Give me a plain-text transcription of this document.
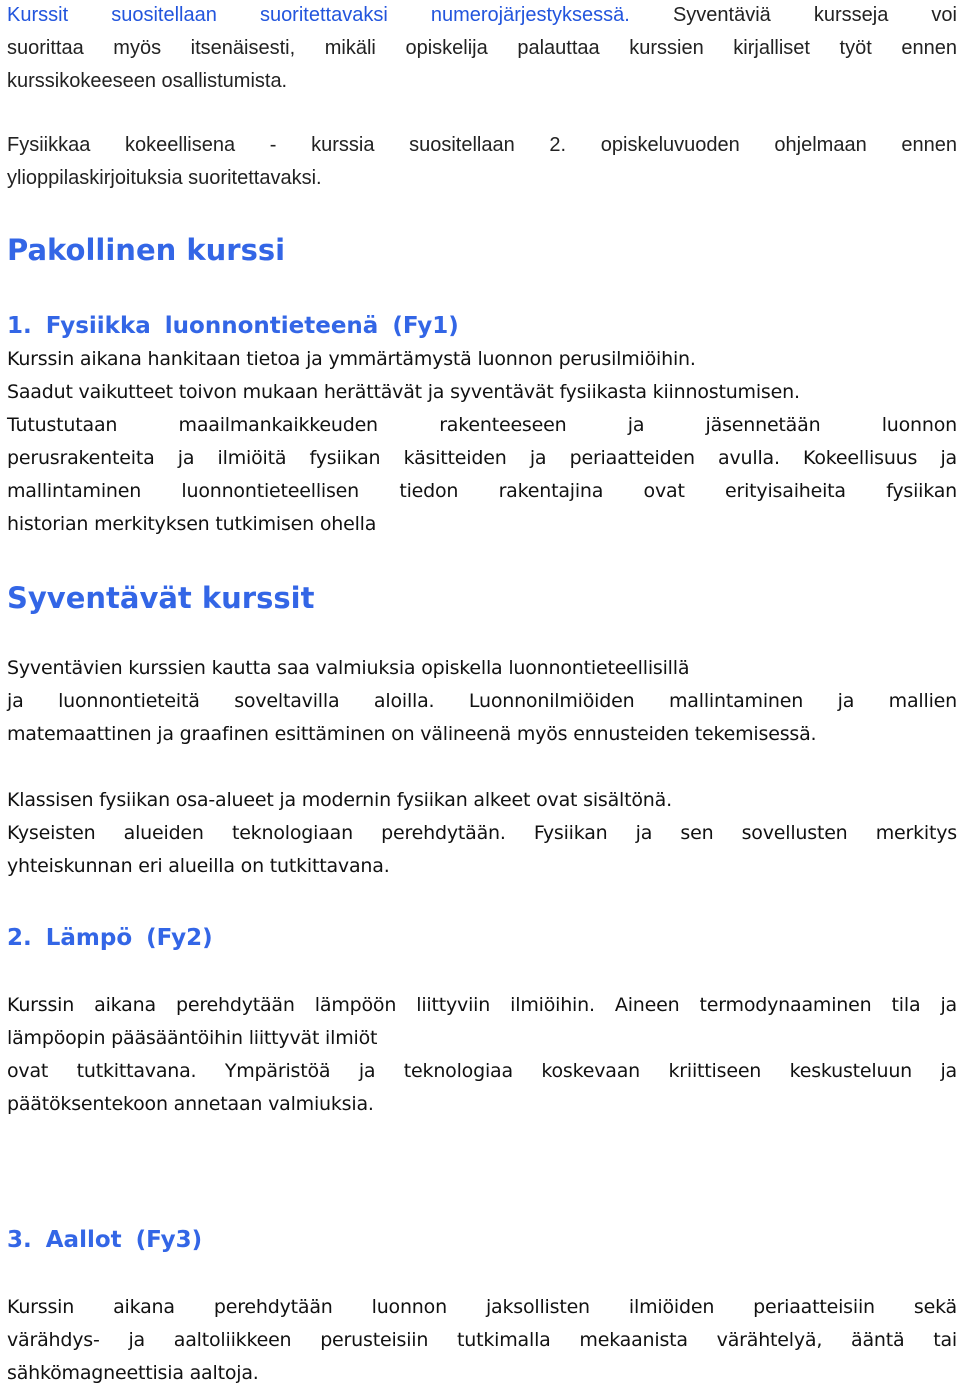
Kurssit suositellaan suoritettavaksi numerojärjestyksessä. Syventäviä kursseja voi
suorittaa myös itsenäisesti, mikäli opiskelija palauttaa kurssien kirjalliset työt ennen
kurssikokeeseen osallistumista.
Fysiikkaa kokeellisena - kurssia suositellaan 2. opiskeluvuoden ohjelmaan ennen
ylioppilaskirjoituksia suoritettavaksi.
Pakollinen kurssi
1. Fysiikka luonnontieteenä (Fy1)
Kurssin aikana hankitaan tietoa ja ymmärtämystä luonnon perusilmiöihin.
Saadut vaikutteet toivon mukaan herättävät ja syventävät fysiikasta kiinnostumisen.
Tutustutaan maailmankaikkeuden rakenteeseen ja jäsennetään luonnon
perusrakenteita ja ilmiöitä fysiikan käsitteiden ja periaatteiden avulla. Kokeellisuus ja
mallintaminen luonnontieteellisen tiedon rakentajina ovat erityisaiheita fysiikan
historian merkityksen tutkimisen ohella
Syventävät kurssit
Syventävien kurssien kautta saa valmiuksia opiskella luonnontieteellisillä
ja luonnontieteitä soveltavilla aloilla. Luonnonilmiöiden mallintaminen ja mallien
matemaattinen ja graafinen esittäminen on välineenä myös ennusteiden tekemisessä.
Klassisen fysiikan osa-alueet ja modernin fysiikan alkeet ovat sisältönä.
Kyseisten alueiden teknologiaan perehdytään. Fysiikan ja sen sovellusten merkitys
yhteiskunnan eri alueilla on tutkittavana.
2. Lämpö (Fy2)
Kurssin aikana perehdytään lämpöön liittyviin ilmiöihin. Aineen termodynaaminen tila ja
lämpöopin pääsääntöihin liittyvät ilmiöt
ovat tutkittavana. Ympäristöä ja teknologiaa koskevaan kriittiseen keskusteluun ja
päätöksentekoon annetaan valmiuksia.
3. Aallot (Fy3)
Kurssin aikana perehdytään luonnon jaksollisten ilmiöiden periaatteisiin sekä
värähdys- ja aaltoliikkeen perusteisiin tutkimalla mekaanista värähtelyä, ääntä tai
sähkömagneettisia aaltoja.
